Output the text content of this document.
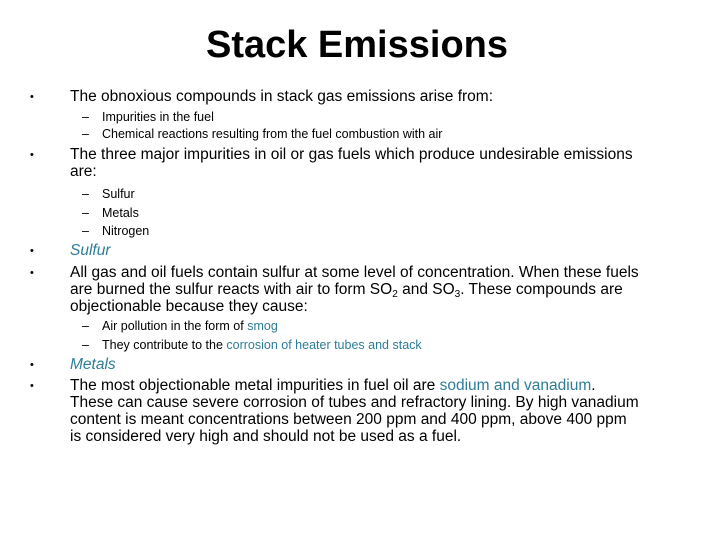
Stack Emissions
• The obnoxious compounds in stack gas emissions arise from:
– Impurities in the fuel
– Chemical reactions resulting from the fuel combustion with air
• The three major impurities in oil or gas fuels which produce undesirable emissions
are:
– Sulfur
– Metals
– Nitrogen
• Sulfur
• All gas and oil fuels contain sulfur at some level of concentration. When these fuels
are burned the sulfur reacts with air to form $SO_2$ and $SO_3$. These compounds are
objectionable because they cause:
– Air pollution in the form of smog
– They contribute to the corrosion of heater tubes and stack
• Metals
• The most objectionable metal impurities in fuel oil are sodium and vanadium.
These can cause severe corrosion of tubes and refractory lining. By high vanadium
content is meant concentrations between 200 ppm and 400 ppm, above 400 ppm
is considered very high and should not be used as a fuel.
